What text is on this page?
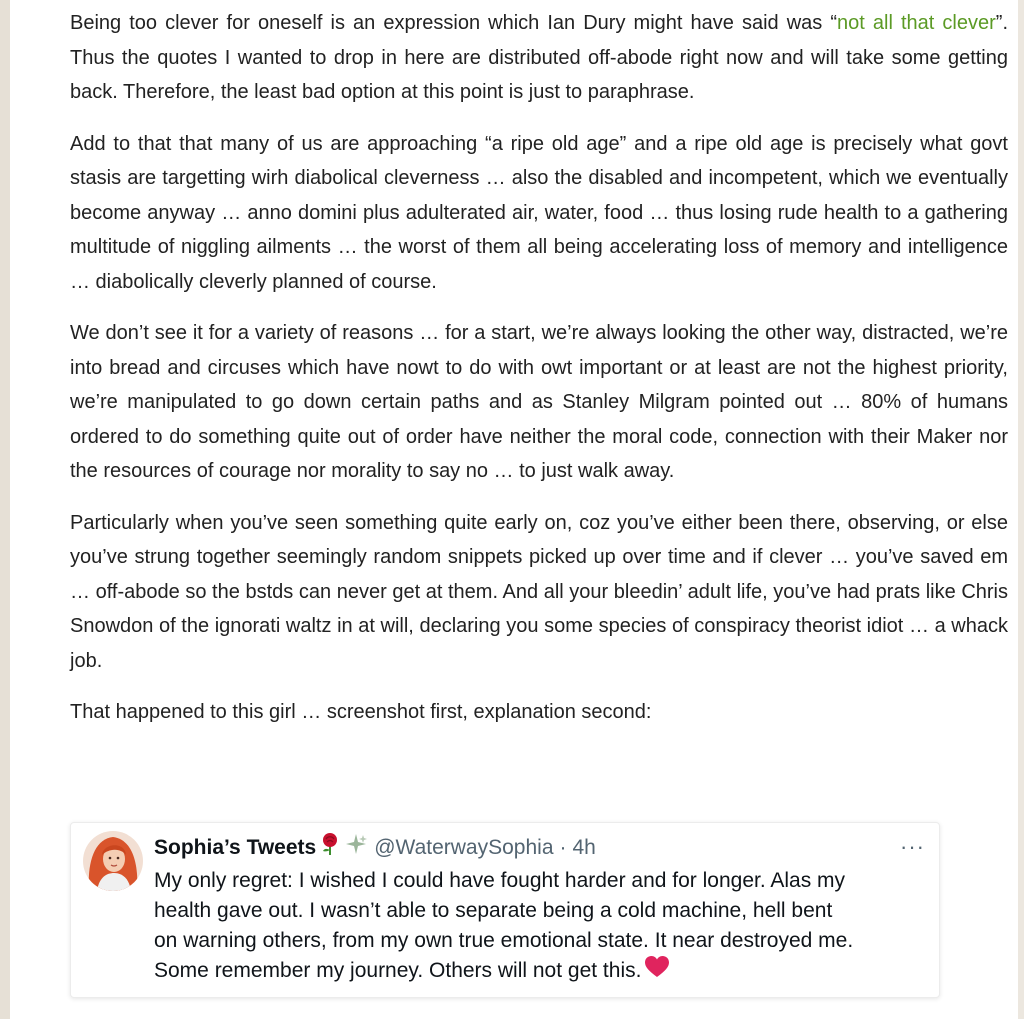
Being too clever for oneself is an expression which Ian Dury might have said was “not all that clever”. Thus the quotes I wanted to drop in here are distributed off-abode right now and will take some getting back. Therefore, the least bad option at this point is just to paraphrase.

Add to that that many of us are approaching “a ripe old age” and a ripe old age is precisely what govt stasis are targetting wirh diabolical cleverness … also the disabled and incompetent, which we eventually become anyway … anno domini plus adulterated air, water, food … thus losing rude health to a gathering multitude of niggling ailments … the worst of them all being accelerating loss of memory and intelligence … diabolically cleverly planned of course.

We don’t see it for a variety of reasons … for a start, we’re always looking the other way, distracted, we’re into bread and circuses which have nowt to do with owt important or at least are not the highest priority, we’re manipulated to go down certain paths and as Stanley Milgram pointed out … 80% of humans ordered to do something quite out of order have neither the moral code, connection with their Maker nor the resources of courage nor morality to say no … to just walk away.

Particularly when you’ve seen something quite early on, coz you’ve either been there, observing, or else you’ve strung together seemingly random snippets picked up over time and if clever … you’ve saved em … off-abode so the bstds can never get at them. And all your bleedin’ adult life, you’ve had prats like Chris Snowdon of the ignorati waltz in at will, declaring you some species of conspiracy theorist idiot … a whack job.

That happened to this girl … screenshot first, explanation second:

Sophia’s Tweets	@WaterwaySophia · 4h	···
My only regret: I wished I could have fought harder and for longer. Alas my
health gave out. I wasn’t able to separate being a cold machine, hell bent
on warning others, from my own true emotional state. It near destroyed me.
Some remember my journey. Others will not get this.
